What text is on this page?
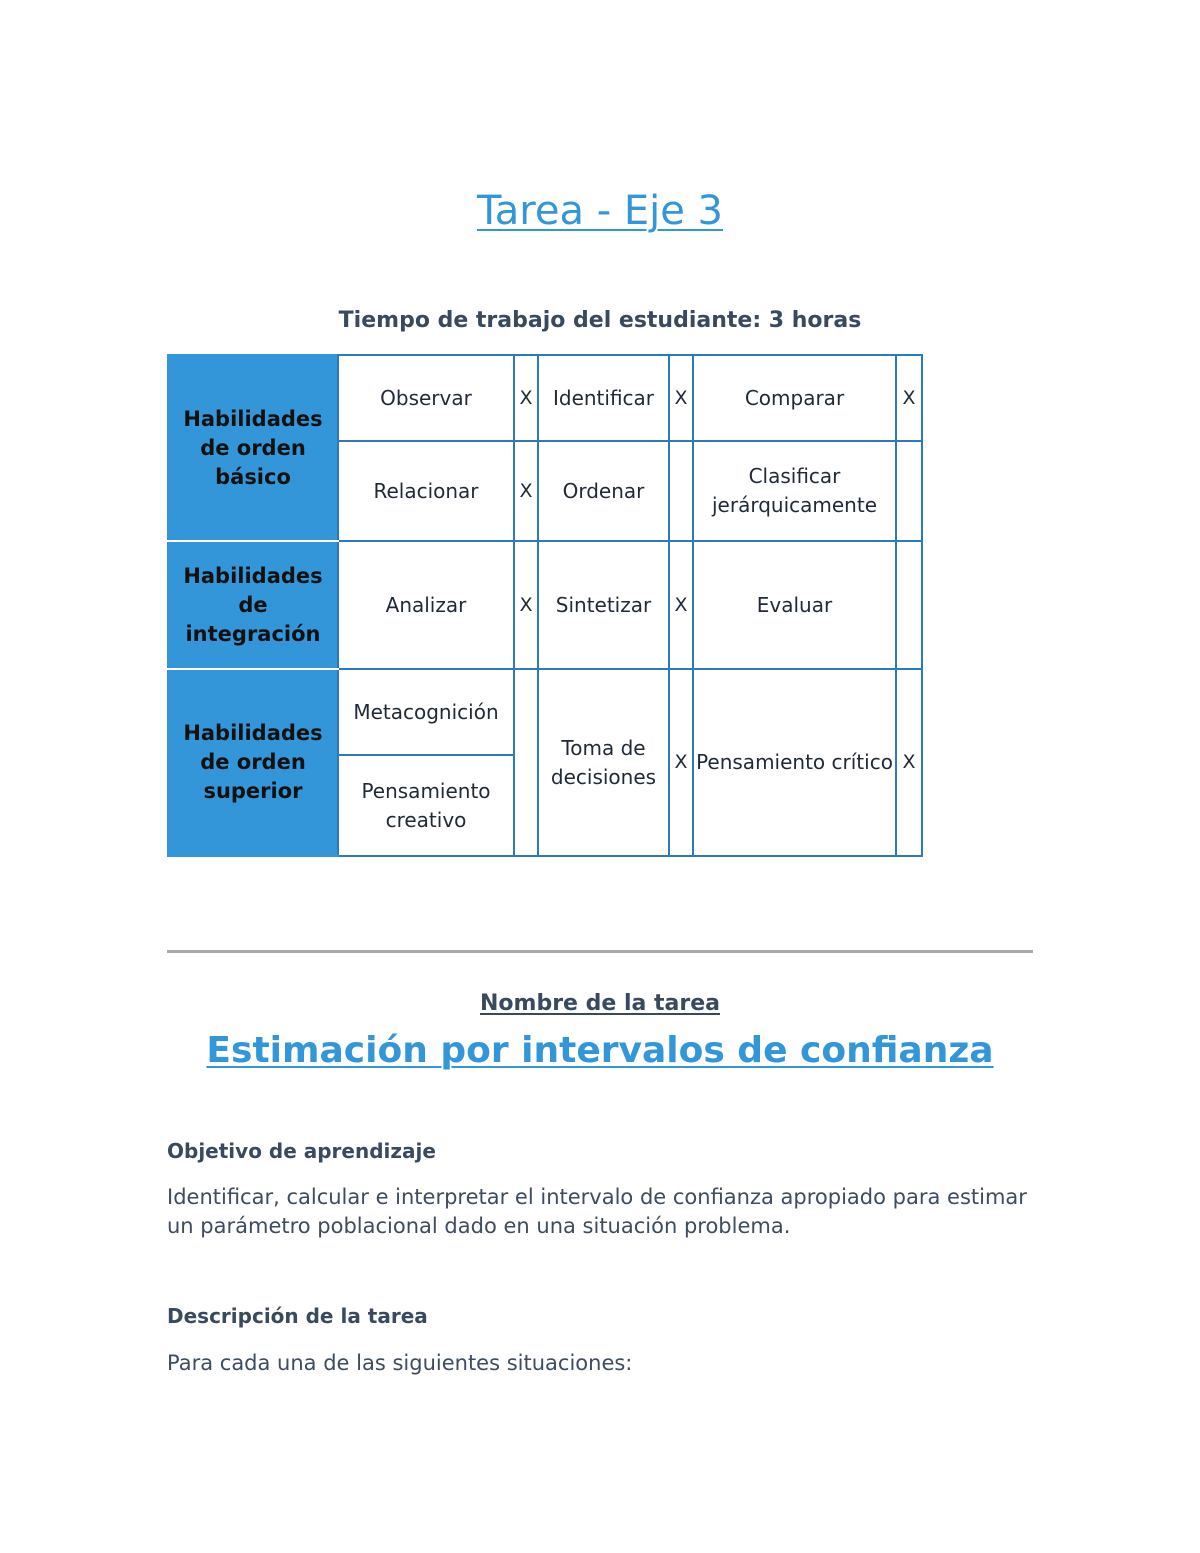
Tarea - Eje 3

Tiempo de trabajo del estudiante: 3 horas

Habilidades de orden básico	Observar	X	Identificar	X	Comparar	X
	Relacionar	X	Ordenar		Clasificar jerárquicamente	
Habilidades de integración	Analizar	X	Sintetizar	X	Evaluar	
Habilidades de orden superior	Metacognición		Toma de decisiones	X	Pensamiento crítico	X
	Pensamiento creativo					

Nombre de la tarea

Estimación por intervalos de confianza
Objetivo de aprendizaje

Identificar, calcular e interpretar el intervalo de confianza apropiado para estimar un parámetro poblacional dado en una situación problema.

Descripción de la tarea

Para cada una de las siguientes situaciones:
